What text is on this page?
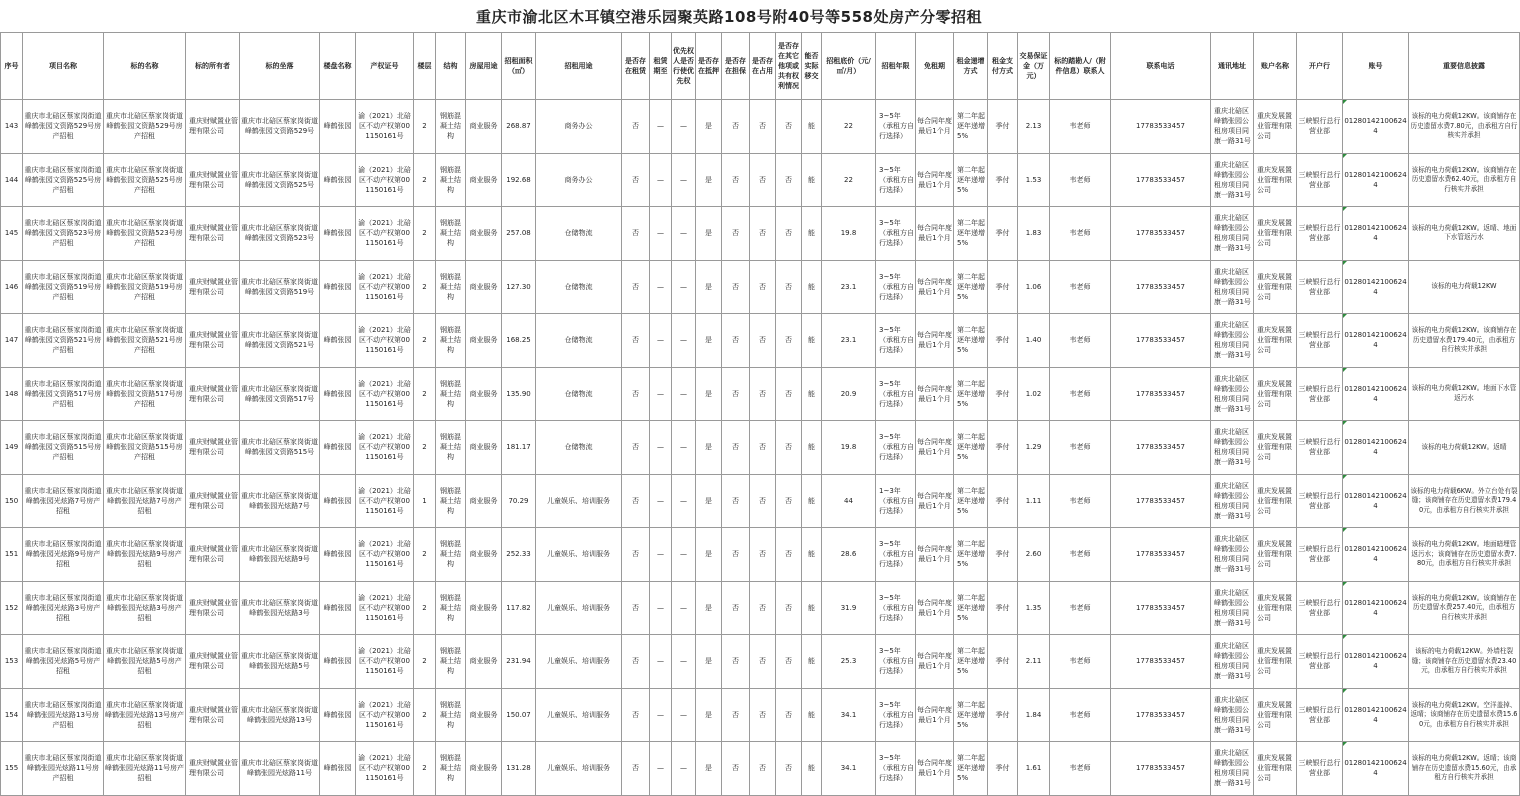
重庆市渝北区木耳镇空港乐园聚英路108号附40号等558处房产分零招租
序号	项目名称	标的名称	标的所有者	标的坐落	楼盘名称	产权证号	楼层	结构	房屋用途	招租面积（㎡）	招租用途	是否存在租赁	租赁期至	优先权人是否行使优先权	是否存在抵押	是否存在担保	是否存在占用	是否存在其它他项或共有权利情况	能否实际移交	招租底价（元/㎡/月）	招租年限	免租期	租金递增方式	租金支付方式	交易保证金（万元）	标的踏勘人/（附件信息）联系人	联系电话	通讯地址	账户名称	开户行	账号	重要信息披露
143	重庆市北碚区蔡家岗街道峰鹤张园文资路529号房产招租	重庆市北碚区蔡家岗街道峰鹤张园文资路529号房产招租	重庆财赋置业管理有限公司	重庆市北碚区蔡家岗街道峰鹤张园文资路529号	峰鹤张园	渝（2021）北碚区不动产权第001150161号	2	钢筋混凝土结构	商业服务	268.87	商务办公	否	—	—	是	否	否	否	能	22	3~5年（承租方自行选择）	每合同年度最后1个月	第二年起逐年递增5%	季付	2.13	韦老师	17783533457	重庆北碚区峰鹤张园公租房项目同康一路31号	重庆发展置业管理有限公司	三峡银行总行营业部	012801421006244	该标的电力荷载12KW。该商铺存在历史遗留水费7.80元，由承租方自行核实并承担
144	重庆市北碚区蔡家岗街道峰鹤张园文资路525号房产招租	重庆市北碚区蔡家岗街道峰鹤张园文资路525号房产招租	重庆财赋置业管理有限公司	重庆市北碚区蔡家岗街道峰鹤张园文资路525号	峰鹤张园	渝（2021）北碚区不动产权第001150161号	2	钢筋混凝土结构	商业服务	192.68	商务办公	否	—	—	是	否	否	否	能	22	3~5年（承租方自行选择）	每合同年度最后1个月	第二年起逐年递增5%	季付	1.53	韦老师	17783533457	重庆北碚区峰鹤张园公租房项目同康一路31号	重庆发展置业管理有限公司	三峡银行总行营业部	012801421006244	该标的电力荷载12KW。该商铺存在历史遗留水费62.40元，由承租方自行核实并承担
145	重庆市北碚区蔡家岗街道峰鹤张园文资路523号房产招租	重庆市北碚区蔡家岗街道峰鹤张园文资路523号房产招租	重庆财赋置业管理有限公司	重庆市北碚区蔡家岗街道峰鹤张园文资路523号	峰鹤张园	渝（2021）北碚区不动产权第001150161号	2	钢筋混凝土结构	商业服务	257.08	仓储物流	否	—	—	是	否	否	否	能	19.8	3~5年（承租方自行选择）	每合同年度最后1个月	第二年起逐年递增5%	季付	1.83	韦老师	17783533457	重庆北碚区峰鹤张园公租房项目同康一路31号	重庆发展置业管理有限公司	三峡银行总行营业部	012801421006244	该标的电力荷载12KW。返晴、地面下水管返污水
146	重庆市北碚区蔡家岗街道峰鹤张园文资路519号房产招租	重庆市北碚区蔡家岗街道峰鹤张园文资路519号房产招租	重庆财赋置业管理有限公司	重庆市北碚区蔡家岗街道峰鹤张园文资路519号	峰鹤张园	渝（2021）北碚区不动产权第001150161号	2	钢筋混凝土结构	商业服务	127.30	仓储物流	否	—	—	是	否	否	否	能	23.1	3~5年（承租方自行选择）	每合同年度最后1个月	第二年起逐年递增5%	季付	1.06	韦老师	17783533457	重庆北碚区峰鹤张园公租房项目同康一路31号	重庆发展置业管理有限公司	三峡银行总行营业部	012801421006244	该标的电力荷载12KW
147	重庆市北碚区蔡家岗街道峰鹤张园文资路521号房产招租	重庆市北碚区蔡家岗街道峰鹤张园文资路521号房产招租	重庆财赋置业管理有限公司	重庆市北碚区蔡家岗街道峰鹤张园文资路521号	峰鹤张园	渝（2021）北碚区不动产权第001150161号	2	钢筋混凝土结构	商业服务	168.25	仓储物流	否	—	—	是	否	否	否	能	23.1	3~5年（承租方自行选择）	每合同年度最后1个月	第二年起逐年递增5%	季付	1.40	韦老师	17783533457	重庆北碚区峰鹤张园公租房项目同康一路31号	重庆发展置业管理有限公司	三峡银行总行营业部	012801421006244	该标的电力荷载12KW。该商铺存在历史遗留水费179.40元，由承租方自行核实并承担
148	重庆市北碚区蔡家岗街道峰鹤张园文资路517号房产招租	重庆市北碚区蔡家岗街道峰鹤张园文资路517号房产招租	重庆财赋置业管理有限公司	重庆市北碚区蔡家岗街道峰鹤张园文资路517号	峰鹤张园	渝（2021）北碚区不动产权第001150161号	2	钢筋混凝土结构	商业服务	135.90	仓储物流	否	—	—	是	否	否	否	能	20.9	3~5年（承租方自行选择）	每合同年度最后1个月	第二年起逐年递增5%	季付	1.02	韦老师	17783533457	重庆北碚区峰鹤张园公租房项目同康一路31号	重庆发展置业管理有限公司	三峡银行总行营业部	012801421006244	该标的电力荷载12KW。地面下水管返污水
149	重庆市北碚区蔡家岗街道峰鹤张园文资路515号房产招租	重庆市北碚区蔡家岗街道峰鹤张园文资路515号房产招租	重庆财赋置业管理有限公司	重庆市北碚区蔡家岗街道峰鹤张园文资路515号	峰鹤张园	渝（2021）北碚区不动产权第001150161号	2	钢筋混凝土结构	商业服务	181.17	仓储物流	否	—	—	是	否	否	否	能	19.8	3~5年（承租方自行选择）	每合同年度最后1个月	第二年起逐年递增5%	季付	1.29	韦老师	17783533457	重庆北碚区峰鹤张园公租房项目同康一路31号	重庆发展置业管理有限公司	三峡银行总行营业部	012801421006244	该标的电力荷载12KW。返晴
150	重庆市北碚区蔡家岗街道峰鹤张园光炫路7号房产招租	重庆市北碚区蔡家岗街道峰鹤张园光炫路7号房产招租	重庆财赋置业管理有限公司	重庆市北碚区蔡家岗街道峰鹤张园光炫路7号	峰鹤张园	渝（2021）北碚区不动产权第001150161号	1	钢筋混凝土结构	商业服务	70.29	儿童娱乐、培训服务	否	—	—	是	否	否	否	能	44	1~3年（承租方自行选择）	每合同年度最后1个月	第二年起逐年递增5%	季付	1.11	韦老师	17783533457	重庆北碚区峰鹤张园公租房项目同康一路31号	重庆发展置业管理有限公司	三峡银行总行营业部	012801421006244	该标的电力荷载6KW。外立台处有裂缝；该商铺存在历史遗留水费179.40元，由承租方自行核实并承担
151	重庆市北碚区蔡家岗街道峰鹤张园光炫路9号房产招租	重庆市北碚区蔡家岗街道峰鹤张园光炫路9号房产招租	重庆财赋置业管理有限公司	重庆市北碚区蔡家岗街道峰鹤张园光炫路9号	峰鹤张园	渝（2021）北碚区不动产权第001150161号	2	钢筋混凝土结构	商业服务	252.33	儿童娱乐、培训服务	否	—	—	是	否	否	否	能	28.6	3~5年（承租方自行选择）	每合同年度最后1个月	第二年起逐年递增5%	季付	2.60	韦老师	17783533457	重庆北碚区峰鹤张园公租房项目同康一路31号	重庆发展置业管理有限公司	三峡银行总行营业部	012801421006244	该标的电力荷载12KW。地面暗埋管返污水；该商铺存在历史遗留水费7.80元，由承租方自行核实并承担
152	重庆市北碚区蔡家岗街道峰鹤张园光炫路3号房产招租	重庆市北碚区蔡家岗街道峰鹤张园光炫路3号房产招租	重庆财赋置业管理有限公司	重庆市北碚区蔡家岗街道峰鹤张园光炫路3号	峰鹤张园	渝（2021）北碚区不动产权第001150161号	2	钢筋混凝土结构	商业服务	117.82	儿童娱乐、培训服务	否	—	—	是	否	否	否	能	31.9	3~5年（承租方自行选择）	每合同年度最后1个月	第二年起逐年递增5%	季付	1.35	韦老师	17783533457	重庆北碚区峰鹤张园公租房项目同康一路31号	重庆发展置业管理有限公司	三峡银行总行营业部	012801421006244	该标的电力荷载12KW。该商铺存在历史遗留水费257.40元，由承租方自行核实并承担
153	重庆市北碚区蔡家岗街道峰鹤张园光炫路5号房产招租	重庆市北碚区蔡家岗街道峰鹤张园光炫路5号房产招租	重庆财赋置业管理有限公司	重庆市北碚区蔡家岗街道峰鹤张园光炫路5号	峰鹤张园	渝（2021）北碚区不动产权第001150161号	2	钢筋混凝土结构	商业服务	231.94	儿童娱乐、培训服务	否	—	—	是	否	否	否	能	25.3	3~5年（承租方自行选择）	每合同年度最后1个月	第二年起逐年递增5%	季付	2.11	韦老师	17783533457	重庆北碚区峰鹤张园公租房项目同康一路31号	重庆发展置业管理有限公司	三峡银行总行营业部	012801421006244	该标的电力荷载12KW。外墙柱裂缝；该商铺存在历史遗留水费23.40元，由承租方自行核实并承担
154	重庆市北碚区蔡家岗街道峰鹤张园光炫路13号房产招租	重庆市北碚区蔡家岗街道峰鹤张园光炫路13号房产招租	重庆财赋置业管理有限公司	重庆市北碚区蔡家岗街道峰鹤张园光炫路13号	峰鹤张园	渝（2021）北碚区不动产权第001150161号	2	钢筋混凝土结构	商业服务	150.07	儿童娱乐、培训服务	否	—	—	是	否	否	否	能	34.1	3~5年（承租方自行选择）	每合同年度最后1个月	第二年起逐年递增5%	季付	1.84	韦老师	17783533457	重庆北碚区峰鹤张园公租房项目同康一路31号	重庆发展置业管理有限公司	三峡银行总行营业部	012801421006244	该标的电力荷载12KW。空洋盖掉、返晴；该商铺存在历史遗留水费15.60元，由承租方自行核实并承担
155	重庆市北碚区蔡家岗街道峰鹤张园光炫路11号房产招租	重庆市北碚区蔡家岗街道峰鹤张园光炫路11号房产招租	重庆财赋置业管理有限公司	重庆市北碚区蔡家岗街道峰鹤张园光炫路11号	峰鹤张园	渝（2021）北碚区不动产权第001150161号	2	钢筋混凝土结构	商业服务	131.28	儿童娱乐、培训服务	否	—	—	是	否	否	否	能	34.1	3~5年（承租方自行选择）	每合同年度最后1个月	第二年起逐年递增5%	季付	1.61	韦老师	17783533457	重庆北碚区峰鹤张园公租房项目同康一路31号	重庆发展置业管理有限公司	三峡银行总行营业部	012801421006244	该标的电力荷载12KW。返晴；该商铺存在历史遗留水费15.60元，由承租方自行核实并承担
